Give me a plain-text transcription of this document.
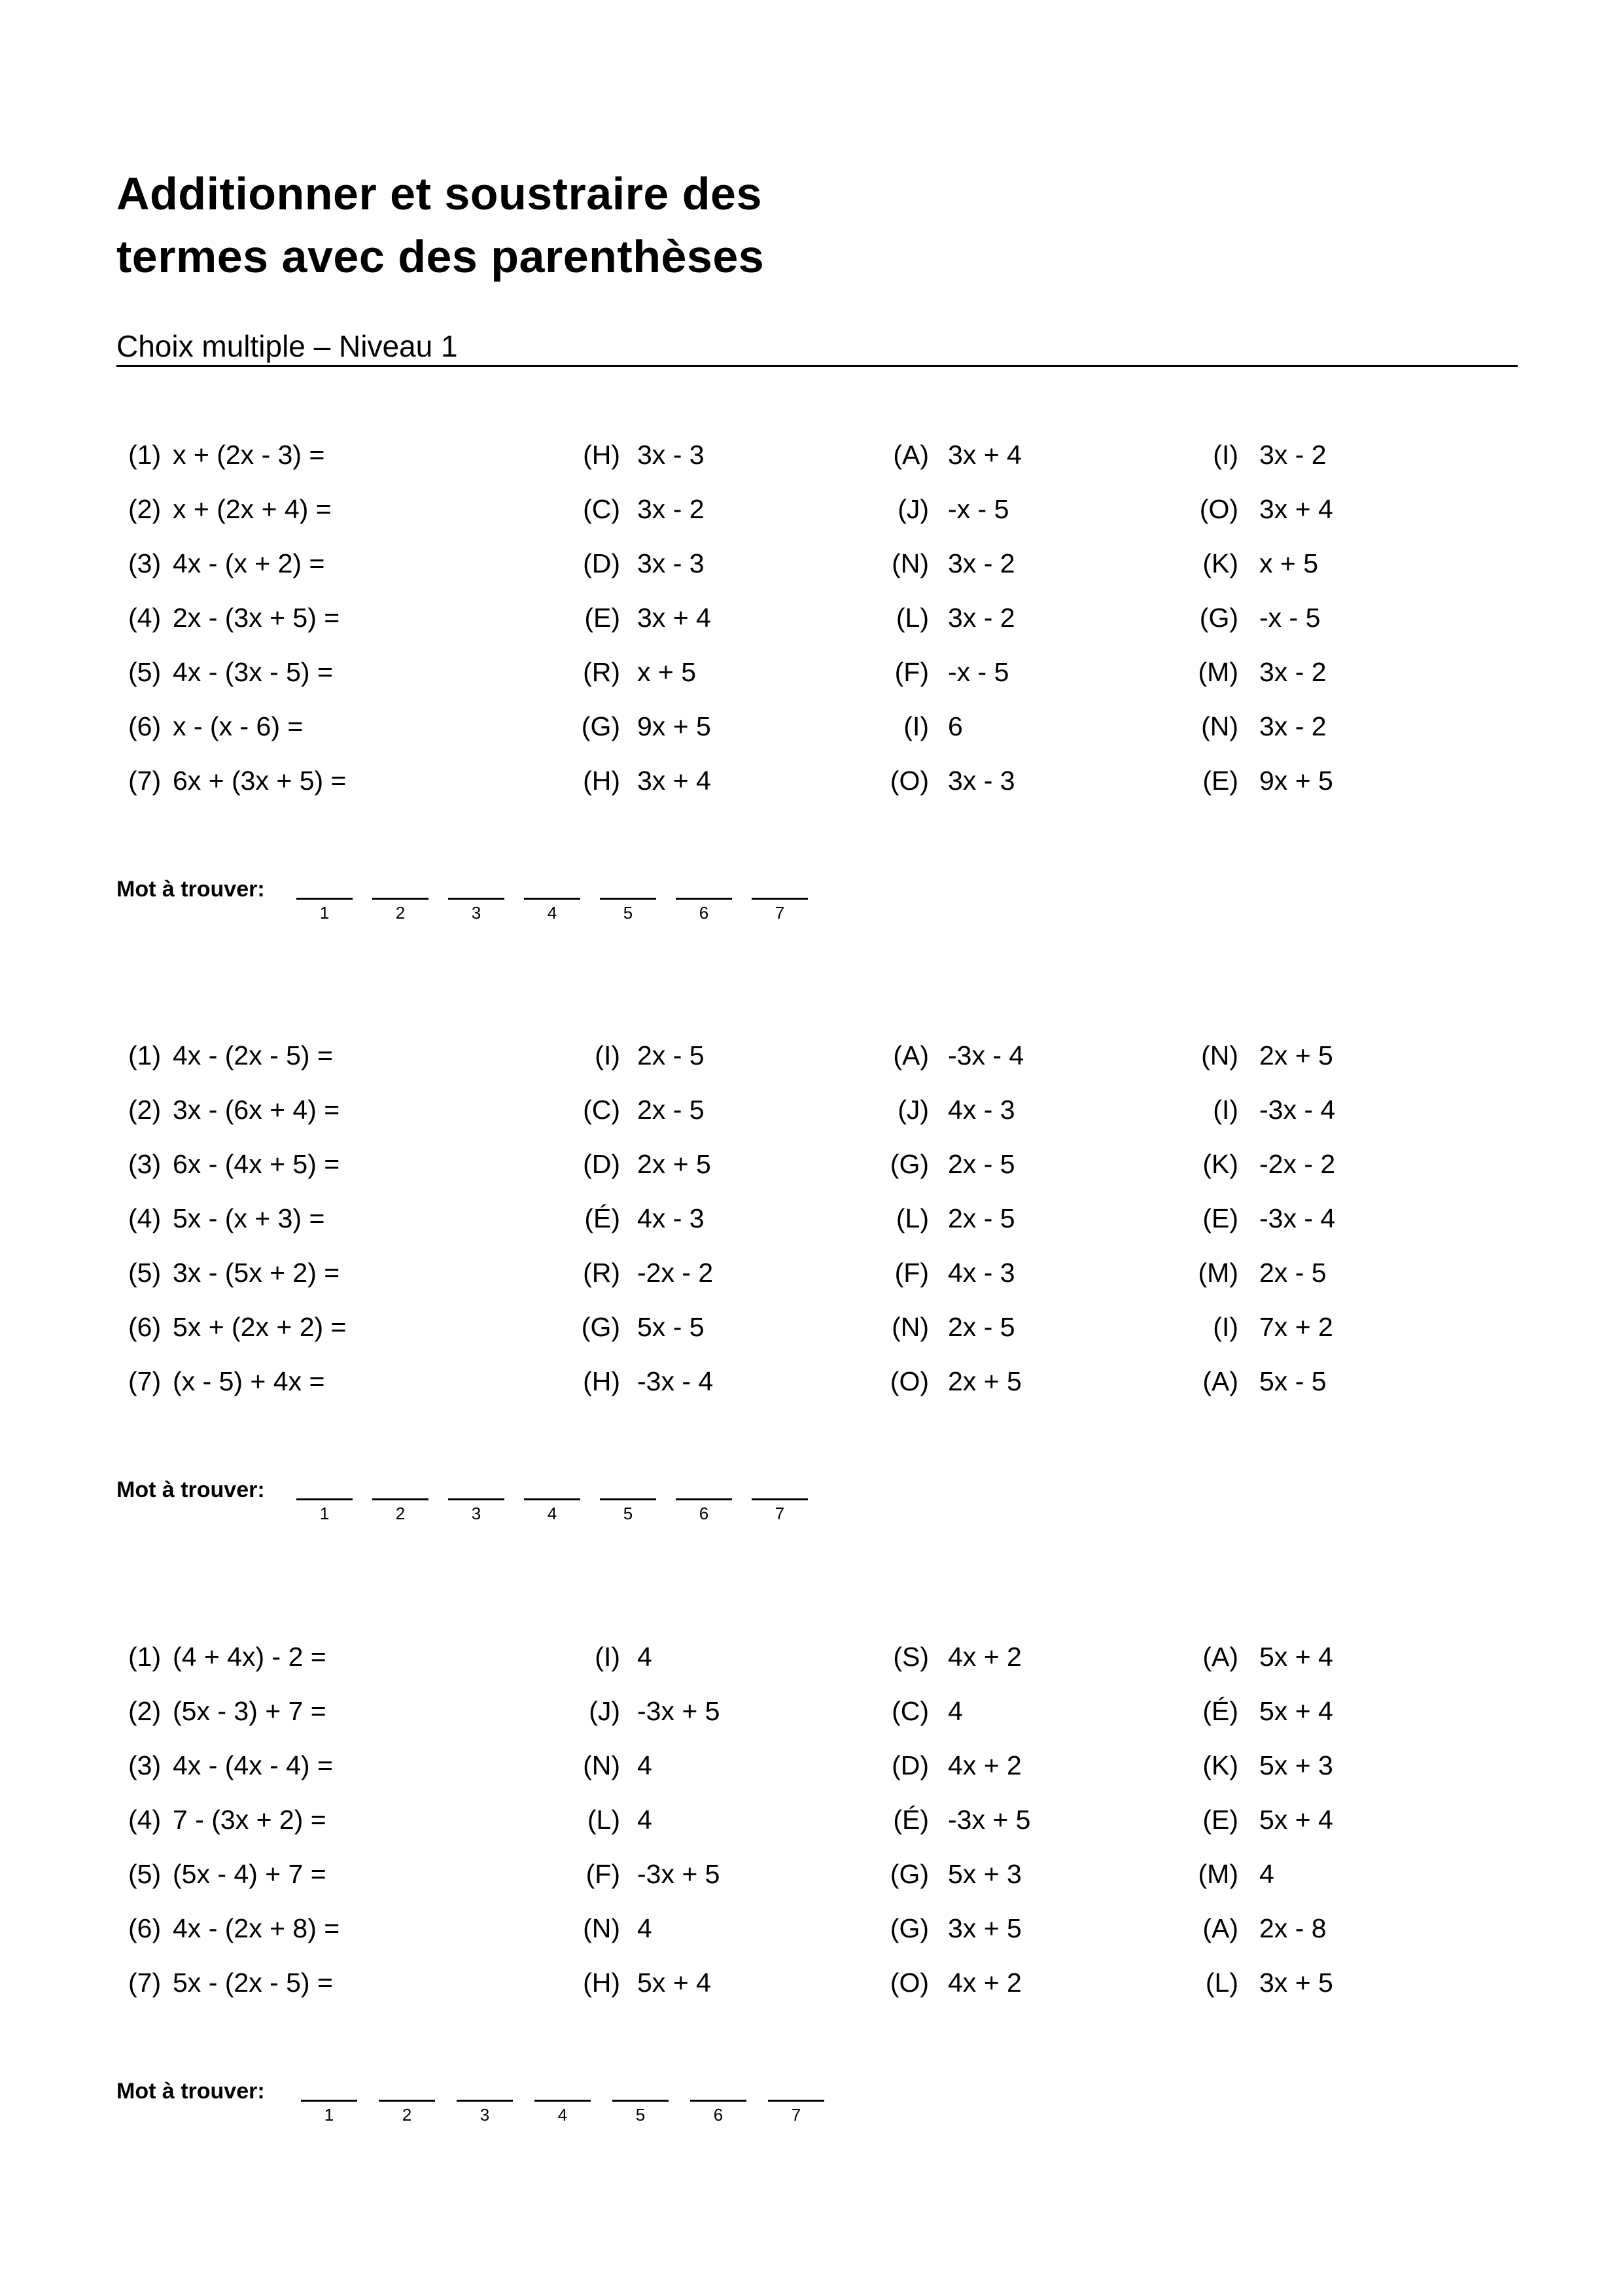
Additionner et soustraire des
termes avec des parenthèses
Choix multiple – Niveau 1
(1) x + (2x - 3) =	(H) 3x - 3	(A) 3x + 4	(I) 3x - 2
(2) x + (2x + 4) =	(C) 3x - 2	(J) -x - 5	(O) 3x + 4
(3) 4x - (x + 2) =	(D) 3x - 3	(N) 3x - 2	(K) x + 5
(4) 2x - (3x + 5) =	(E) 3x + 4	(L) 3x - 2	(G) -x - 5
(5) 4x - (3x - 5) =	(R) x + 5	(F) -x - 5	(M) 3x - 2
(6) x - (x - 6) =	(G) 9x + 5	(I) 6	(N) 3x - 2
(7) 6x + (3x + 5) =	(H) 3x + 4	(O) 3x - 3	(E) 9x + 5
Mot à trouver:
1	2	3	4	5	6	7
(1) 4x - (2x - 5) =	(I) 2x - 5	(A) -3x - 4	(N) 2x + 5
(2) 3x - (6x + 4) =	(C) 2x - 5	(J) 4x - 3	(I) -3x - 4
(3) 6x - (4x + 5) =	(D) 2x + 5	(G) 2x - 5	(K) -2x - 2
(4) 5x - (x + 3) =	(É) 4x - 3	(L) 2x - 5	(E) -3x - 4
(5) 3x - (5x + 2) =	(R) -2x - 2	(F) 4x - 3	(M) 2x - 5
(6) 5x + (2x + 2) =	(G) 5x - 5	(N) 2x - 5	(I) 7x + 2
(7) (x - 5) + 4x =	(H) -3x - 4	(O) 2x + 5	(A) 5x - 5
Mot à trouver:
1	2	3	4	5	6	7
(1) (4 + 4x) - 2 =	(I) 4	(S) 4x + 2	(A) 5x + 4
(2) (5x - 3) + 7 =	(J) -3x + 5	(C) 4	(É) 5x + 4
(3) 4x - (4x - 4) =	(N) 4	(D) 4x + 2	(K) 5x + 3
(4) 7 - (3x + 2) =	(L) 4	(É) -3x + 5	(E) 5x + 4
(5) (5x - 4) + 7 =	(F) -3x + 5	(G) 5x + 3	(M) 4
(6) 4x - (2x + 8) =	(N) 4	(G) 3x + 5	(A) 2x - 8
(7) 5x - (2x - 5) =	(H) 5x + 4	(O) 4x + 2	(L) 3x + 5
Mot à trouver:
1	2	3	4	5	6	7
